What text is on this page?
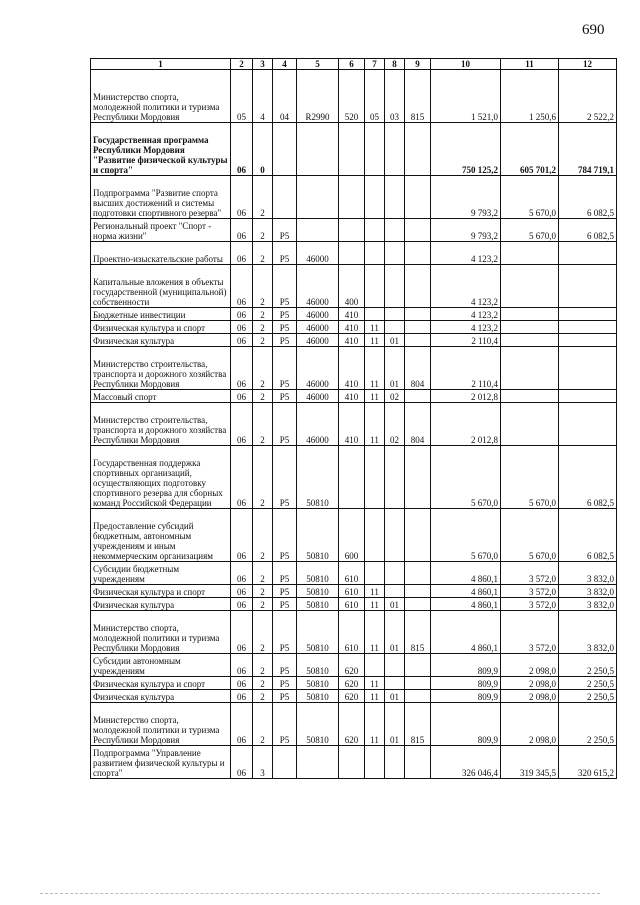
690
1	2	3	4	5	6	7	8	9	10	11	12
Министерство спорта, молодежной политики и туризма Республики Мордовия	05	4	04	R2990	520	05	03	815	1 521,0	1 250,6	2 522,2
Государственная программа Республики Мордовия "Развитие физической культуры и спорта"	06	0							750 125,2	605 701,2	784 719,1
Подпрограмма "Развитие спорта высших достижений и системы подготовки спортивного резерва"	06	2							9 793,2	5 670,0	6 082,5
Региональный проект "Спорт - норма жизни"	06	2	P5						9 793,2	5 670,0	6 082,5
Проектно-изыскательские работы	06	2	P5	46000					4 123,2		
Капитальные вложения в объекты государственной (муниципальной) собственности	06	2	P5	46000	400				4 123,2		
Бюджетные инвестиции	06	2	P5	46000	410				4 123,2		
Физическая культура и спорт	06	2	P5	46000	410	11			4 123,2		
Физическая культура	06	2	P5	46000	410	11	01		2 110,4		
Министерство строительства, транспорта и дорожного хозяйства Республики Мордовия	06	2	P5	46000	410	11	01	804	2 110,4		
Массовый спорт	06	2	P5	46000	410	11	02		2 012,8		
Министерство строительства, транспорта и дорожного хозяйства Республики Мордовия	06	2	P5	46000	410	11	02	804	2 012,8		
Государственная поддержка спортивных организаций, осуществляющих подготовку спортивного резерва для сборных команд Российской Федерации	06	2	P5	50810					5 670,0	5 670,0	6 082,5
Предоставление субсидий бюджетным, автономным учреждениям и иным некоммерческим организациям	06	2	P5	50810	600				5 670,0	5 670,0	6 082,5
Субсидии бюджетным учреждениям	06	2	P5	50810	610				4 860,1	3 572,0	3 832,0
Физическая культура и спорт	06	2	P5	50810	610	11			4 860,1	3 572,0	3 832,0
Физическая культура	06	2	P5	50810	610	11	01		4 860,1	3 572,0	3 832,0
Министерство спорта, молодежной политики и туризма Республики Мордовия	06	2	P5	50810	610	11	01	815	4 860,1	3 572,0	3 832,0
Субсидии автономным учреждениям	06	2	P5	50810	620				809,9	2 098,0	2 250,5
Физическая культура и спорт	06	2	P5	50810	620	11			809,9	2 098,0	2 250,5
Физическая культура	06	2	P5	50810	620	11	01		809,9	2 098,0	2 250,5
Министерство спорта, молодежной политики и туризма Республики Мордовия	06	2	P5	50810	620	11	01	815	809,9	2 098,0	2 250,5
Подпрограмма "Управление развитием физической культуры и спорта"	06	3							326 046,4	319 345,5	320 615,2
